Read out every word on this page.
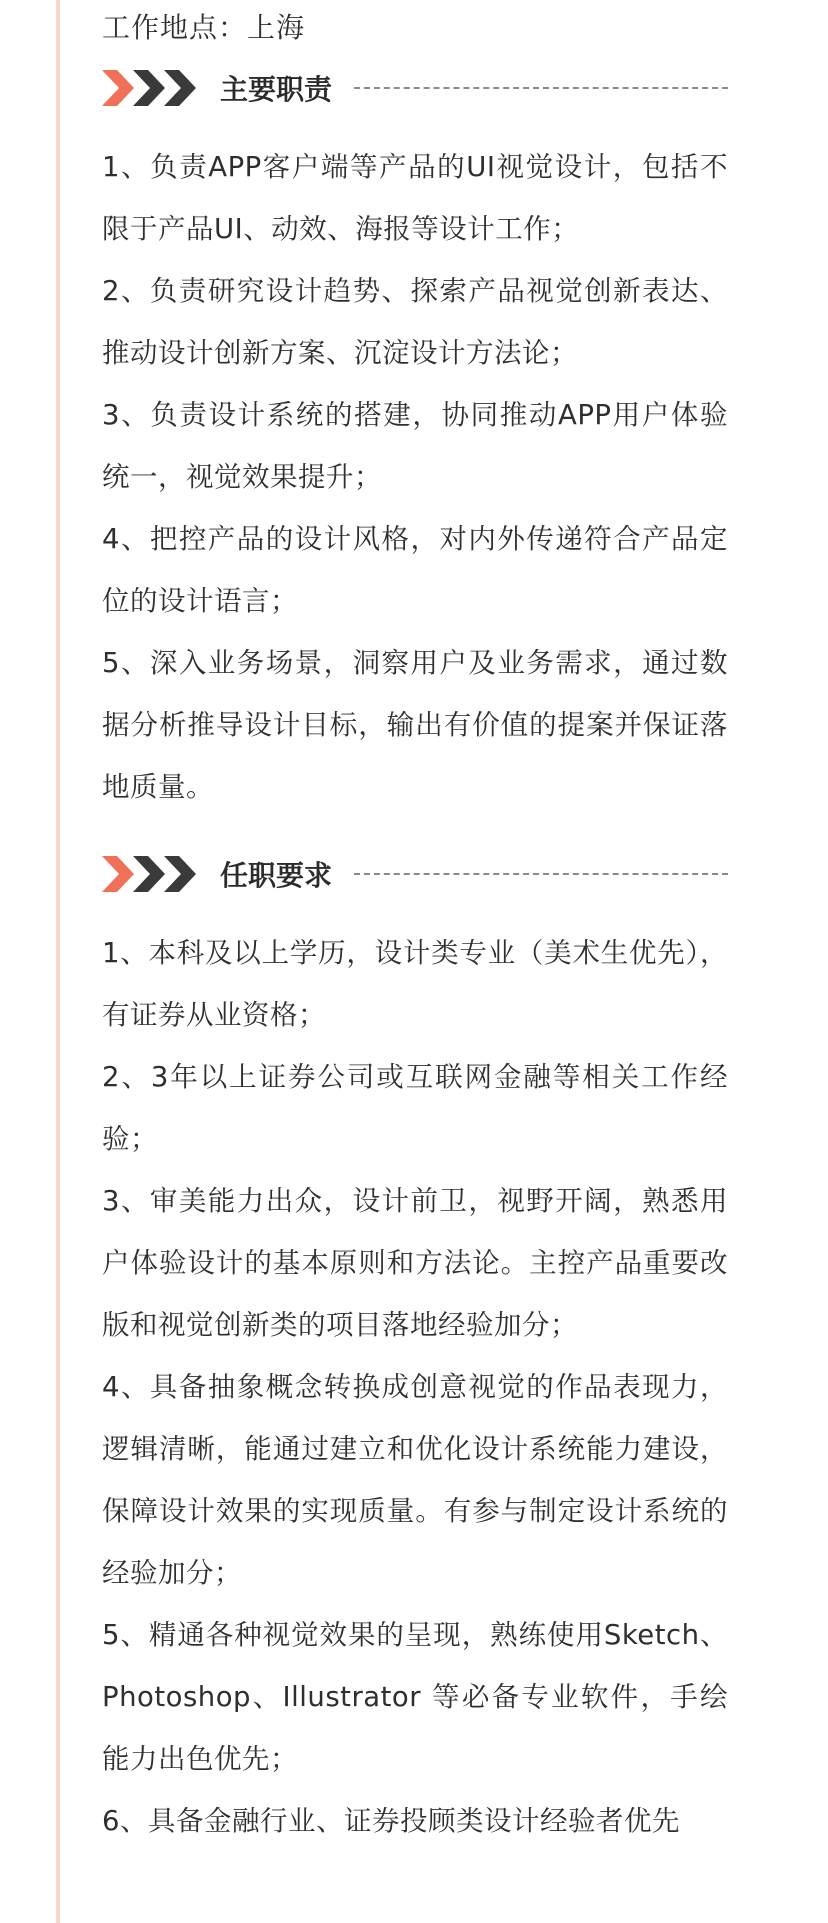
工作地点：上海
主要职责
1、负责APP客户端等产品的UI视觉设计，包括不限于产品UI、动效、海报等设计工作；
2、负责研究设计趋势、探索产品视觉创新表达、推动设计创新方案、沉淀设计方法论；
3、负责设计系统的搭建，协同推动APP用户体验统一，视觉效果提升；
4、把控产品的设计风格，对内外传递符合产品定位的设计语言；
5、深入业务场景，洞察用户及业务需求，通过数据分析推导设计目标，输出有价值的提案并保证落地质量。
任职要求
1、本科及以上学历，设计类专业（美术生优先），有证券从业资格；
2、3年以上证券公司或互联网金融等相关工作经验；
3、审美能力出众，设计前卫，视野开阔，熟悉用户体验设计的基本原则和方法论。主控产品重要改版和视觉创新类的项目落地经验加分；
4、具备抽象概念转换成创意视觉的作品表现力，逻辑清晰，能通过建立和优化设计系统能力建设，保障设计效果的实现质量。有参与制定设计系统的经验加分；
5、精通各种视觉效果的呈现，熟练使用Sketch、Photoshop、Illustrator 等必备专业软件，手绘能力出色优先；
6、具备金融行业、证券投顾类设计经验者优先
